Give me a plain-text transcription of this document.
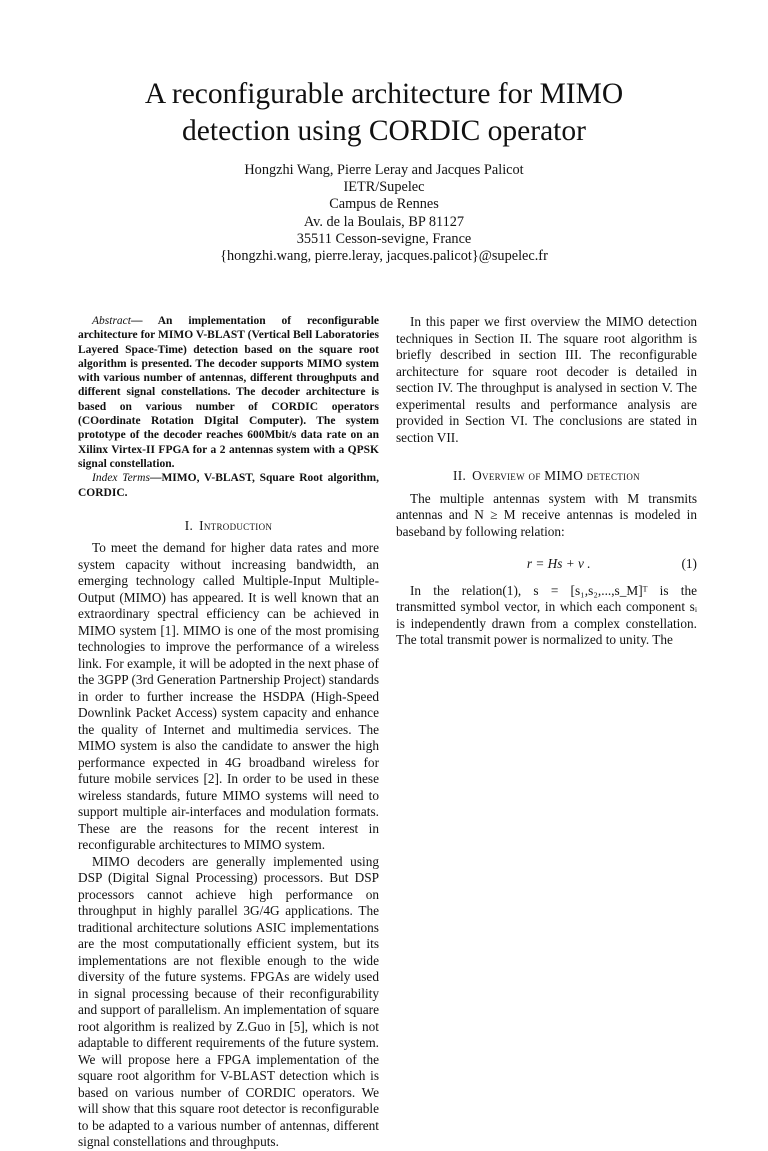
A reconfigurable architecture for MIMO
detection using CORDIC operator
Hongzhi Wang, Pierre Leray and Jacques Palicot
IETR/Supelec
Campus de Rennes
Av. de la Boulais, BP 81127
35511 Cesson-sevigne, France
{hongzhi.wang, pierre.leray, jacques.palicot}@supelec.fr

Abstract— An implementation of reconfigurable architecture for MIMO V-BLAST (Vertical Bell Laboratories Layered Space-Time) detection based on the square root algorithm is presented. The decoder supports MIMO system with various number of antennas, different throughputs and different signal constellations. The decoder architecture is based on various number of CORDIC operators (COordinate Rotation DIgital Computer). The system prototype of the decoder reaches 600Mbit/s data rate on an Xilinx Virtex-II FPGA for a 2 antennas system with a QPSK signal constellation.

Index Terms—MIMO, V-BLAST, Square Root algorithm, CORDIC.

I. Introduction

To meet the demand for higher data rates and more system capacity without increasing bandwidth, an emerging technology called Multiple-Input Multiple-Output (MIMO) has appeared. It is well known that an extraordinary spectral efficiency can be achieved in MIMO system [1]. MIMO is one of the most promising technologies to improve the performance of a wireless link. For example, it will be adopted in the next phase of the 3GPP (3rd Generation Partnership Project) standards in order to further increase the HSDPA (High-Speed Downlink Packet Access) system capacity and enhance the quality of Internet and multimedia services. The MIMO system is also the candidate to answer the high performance expected in 4G broadband wireless for future mobile services [2]. In order to be used in these wireless standards, future MIMO systems will need to support multiple air-interfaces and modulation formats. These are the reasons for the recent interest in reconfigurable architectures to MIMO system.

MIMO decoders are generally implemented using DSP (Digital Signal Processing) processors. But DSP processors cannot achieve high performance on throughput in highly parallel 3G/4G applications. The traditional architecture solutions ASIC implementations are the most computationally efficient system, but its implementations are not flexible enough to the wide diversity of the future systems. FPGAs are widely used in signal processing because of their reconfigurability and support of parallelism. An implementation of square root algorithm is realized by Z.Guo in [5], which is not adaptable to different requirements of the future system. We will propose here a FPGA implementation of the square root algorithm for V-BLAST detection which is based on various number of CORDIC operators. We will show that this square root detector is reconfigurable to be adapted to a various number of antennas, different signal constellations and throughputs.

In this paper we first overview the MIMO detection techniques in Section II. The square root algorithm is briefly described in section III. The reconfigurable architecture for square root decoder is detailed in section IV. The throughput is analysed in section V. The experimental results and performance analysis are provided in Section VI. The conclusions are stated in section VII.

II. Overview of MIMO detection

The multiple antennas system with M transmits antennas and N ≥ M receive antennas is modeled in baseband by following relation:

r = Hs + v .	(1)

In the relation(1), s = [s₁,s₂,...,s_M]ᵀ is the transmitted symbol vector, in which each component sᵢ is independently drawn from a complex constellation. The total transmit power is normalized to unity. The
